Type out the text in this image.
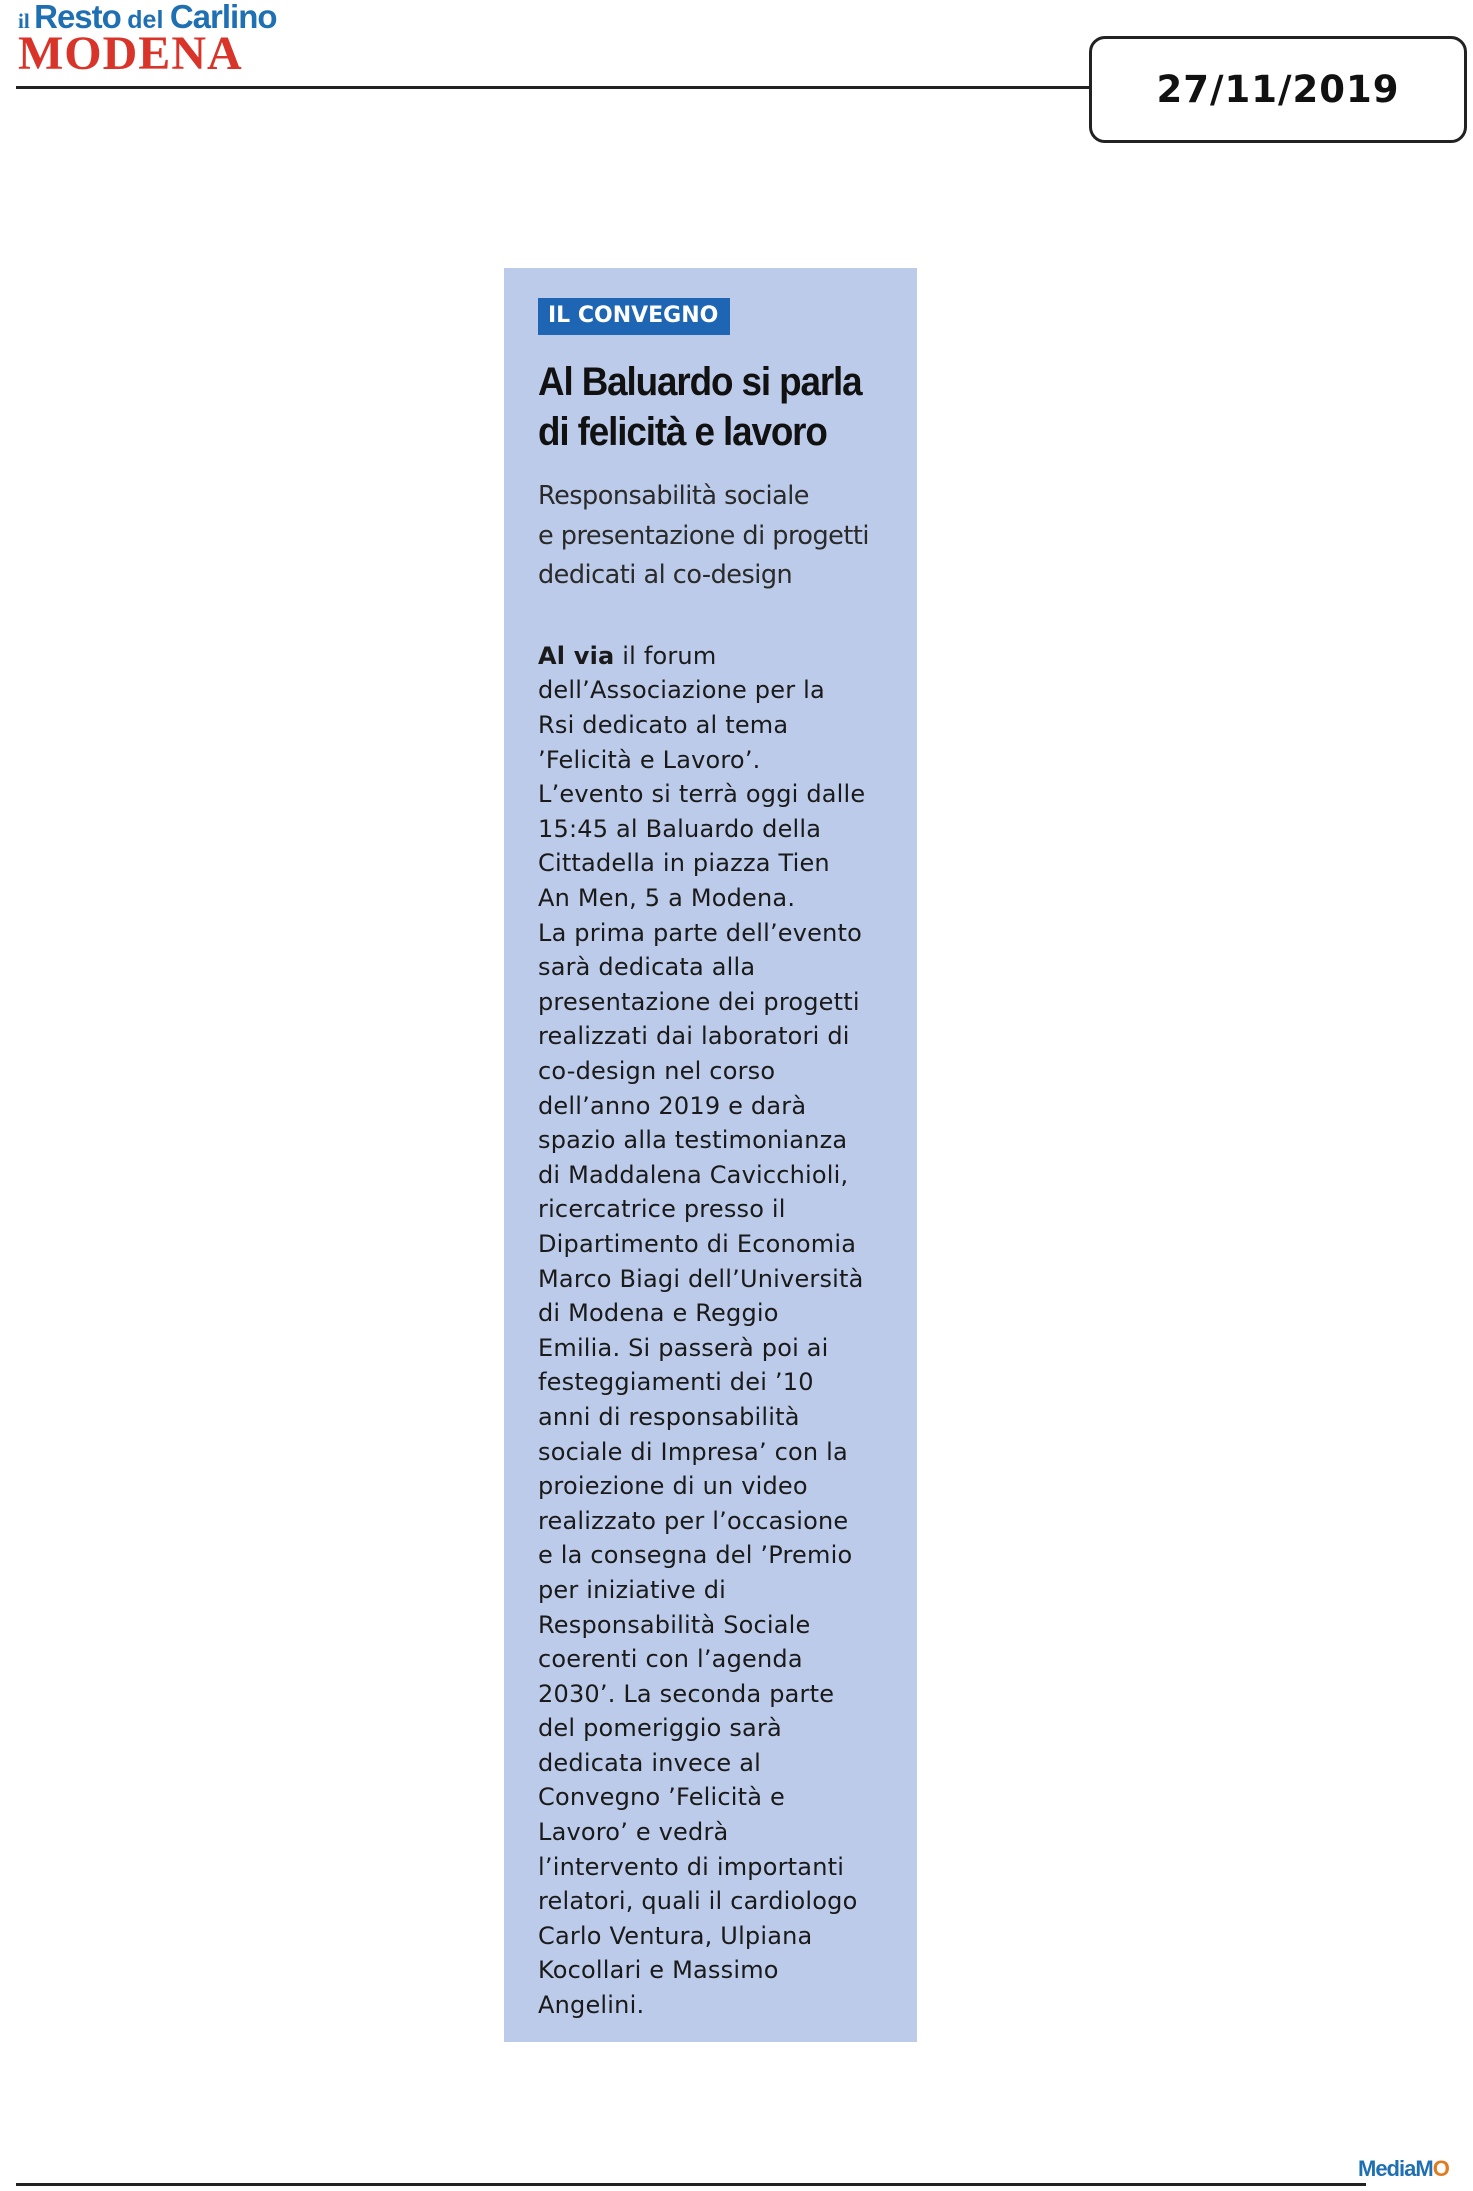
il Resto del Carlino
MODENA
27/11/2019
IL CONVEGNO
Al Baluardo si parla
di felicità e lavoro
Responsabilità sociale
e presentazione di progetti
dedicati al co-design
Al via il forum
dell’Associazione per la
Rsi dedicato al tema
’Felicità e Lavoro’.
L’evento si terrà oggi dalle
15:45 al Baluardo della
Cittadella in piazza Tien
An Men, 5 a Modena.
La prima parte dell’evento
sarà dedicata alla
presentazione dei progetti
realizzati dai laboratori di
co-design nel corso
dell’anno 2019 e darà
spazio alla testimonianza
di Maddalena Cavicchioli,
ricercatrice presso il
Dipartimento di Economia
Marco Biagi dell’Università
di Modena e Reggio
Emilia. Si passerà poi ai
festeggiamenti dei ’10
anni di responsabilità
sociale di Impresa’ con la
proiezione di un video
realizzato per l’occasione
e la consegna del ’Premio
per iniziative di
Responsabilità Sociale
coerenti con l’agenda
2030’. La seconda parte
del pomeriggio sarà
dedicata invece al
Convegno ’Felicità e
Lavoro’ e vedrà
l’intervento di importanti
relatori, quali il cardiologo
Carlo Ventura, Ulpiana
Kocollari e Massimo
Angelini.
MediaMO
